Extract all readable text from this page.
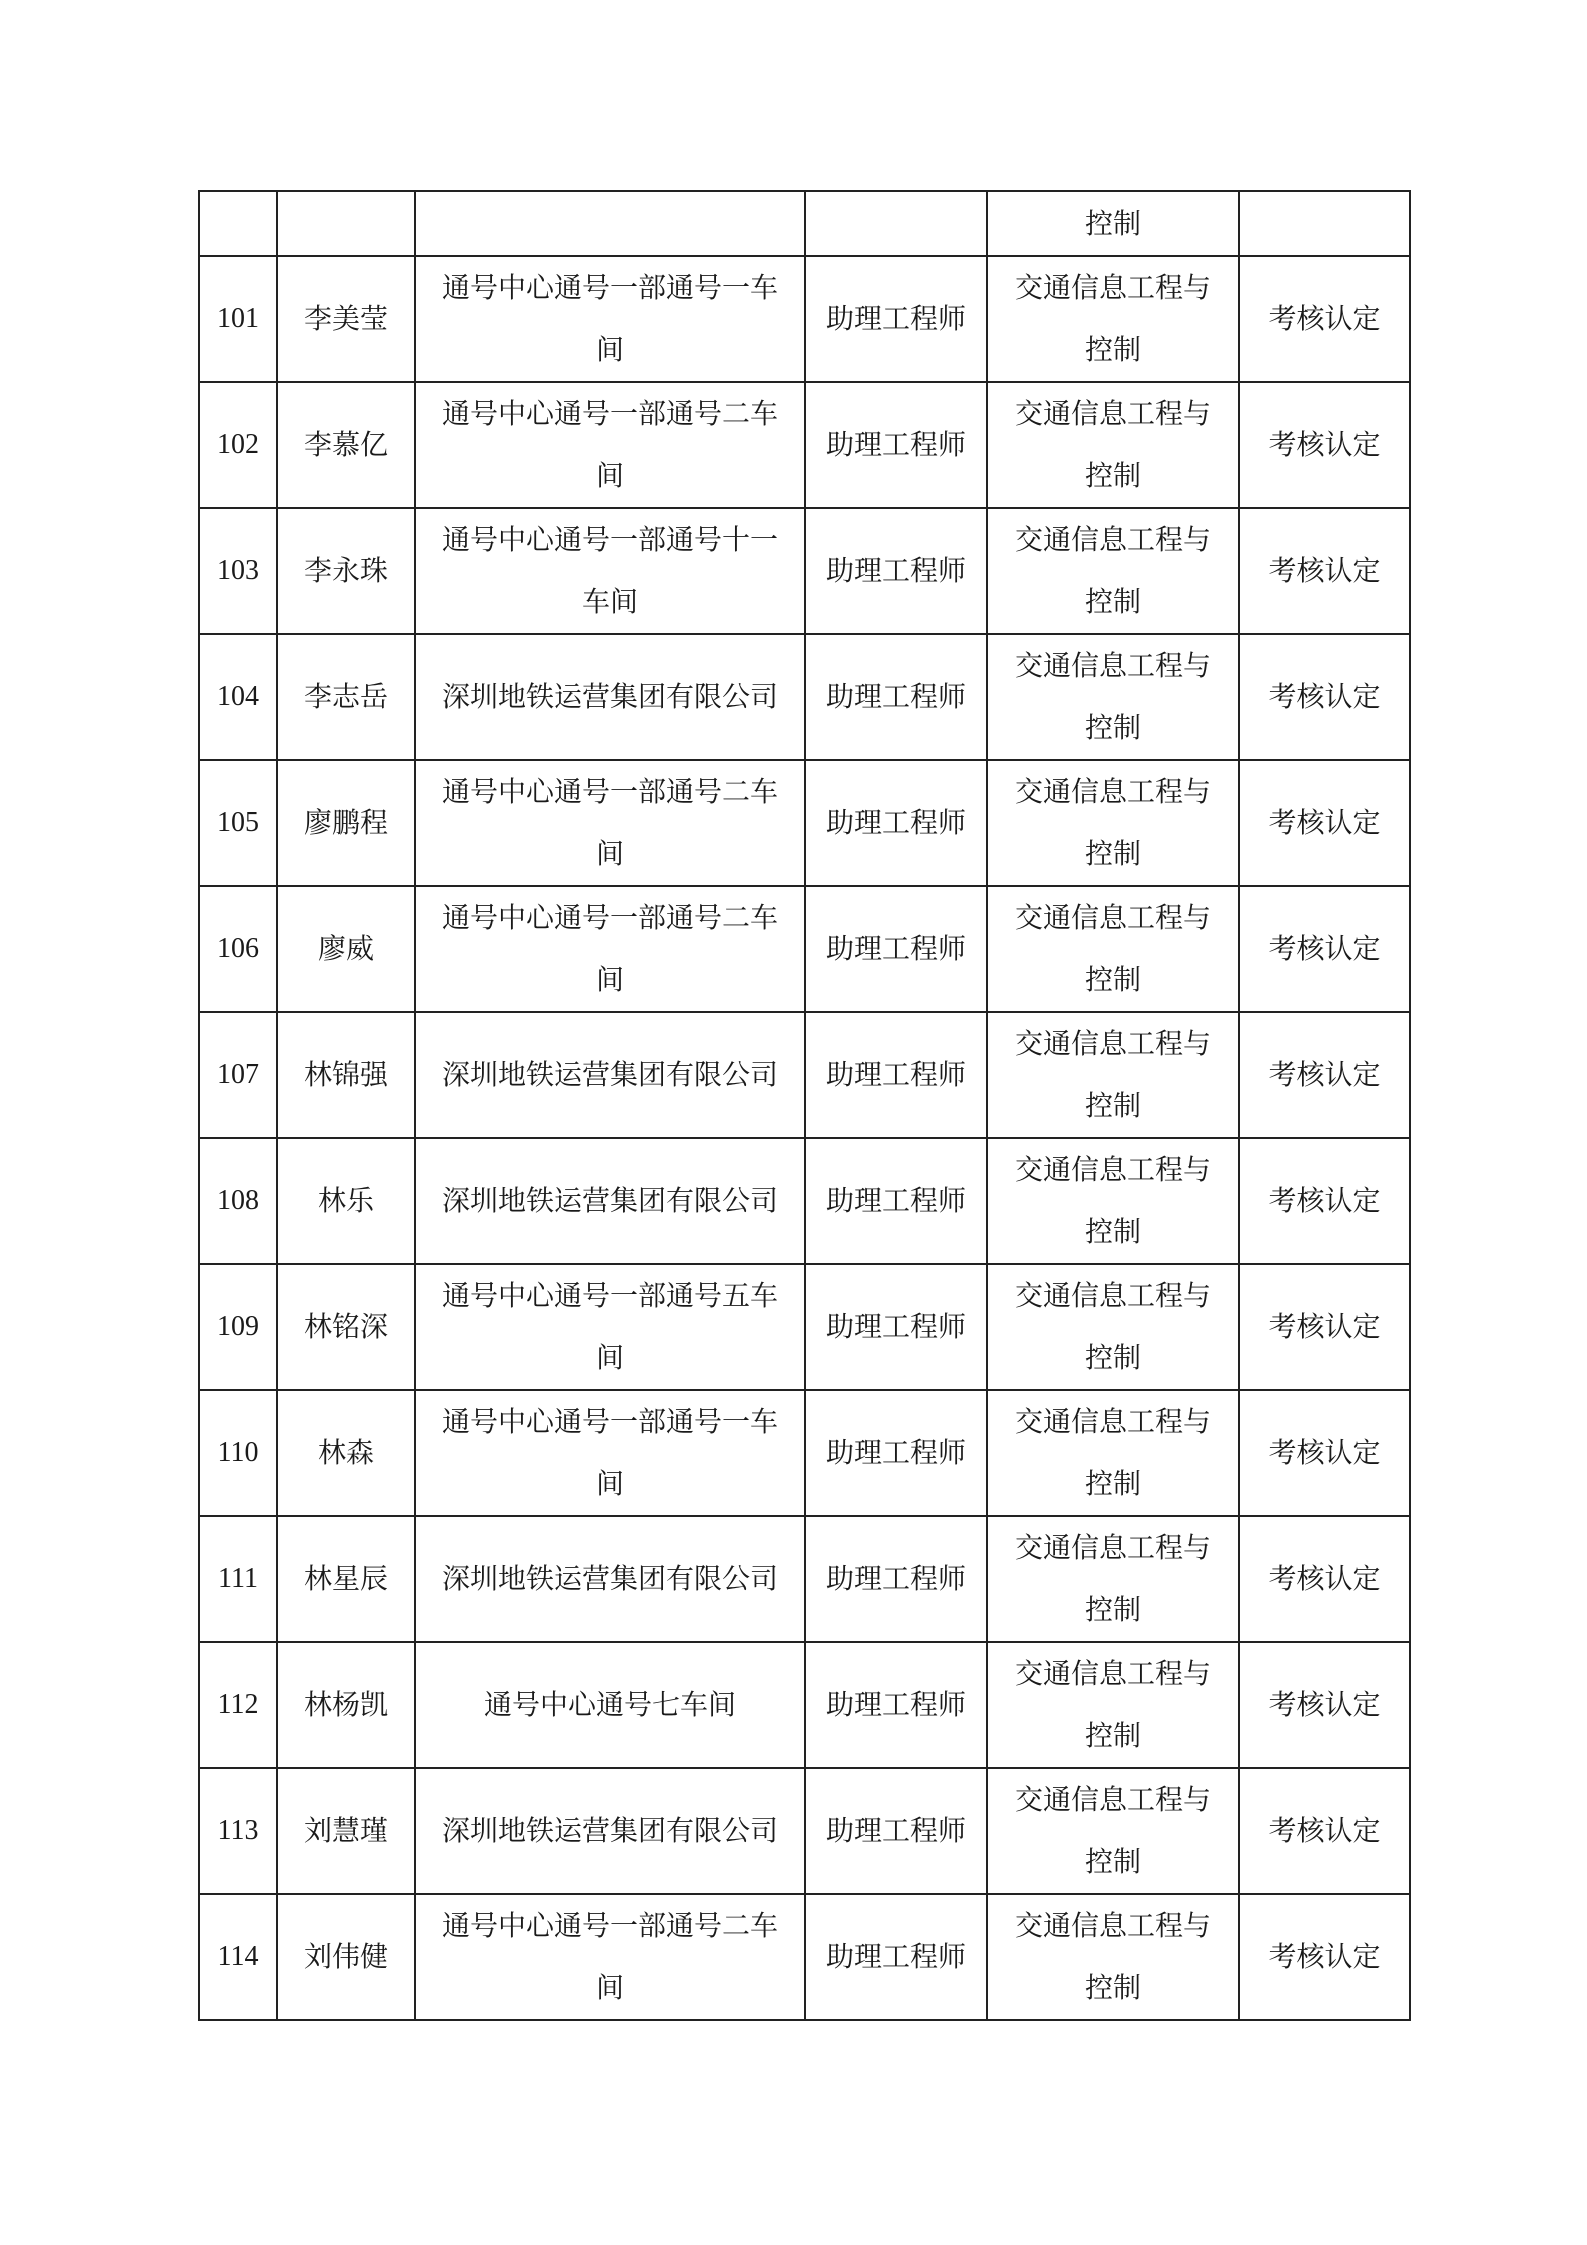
				控制	
101	李美莹	通号中心通号一部通号一车间	助理工程师	交通信息工程与控制	考核认定
102	李慕亿	通号中心通号一部通号二车间	助理工程师	交通信息工程与控制	考核认定
103	李永珠	通号中心通号一部通号十一车间	助理工程师	交通信息工程与控制	考核认定
104	李志岳	深圳地铁运营集团有限公司	助理工程师	交通信息工程与控制	考核认定
105	廖鹏程	通号中心通号一部通号二车间	助理工程师	交通信息工程与控制	考核认定
106	廖威	通号中心通号一部通号二车间	助理工程师	交通信息工程与控制	考核认定
107	林锦强	深圳地铁运营集团有限公司	助理工程师	交通信息工程与控制	考核认定
108	林乐	深圳地铁运营集团有限公司	助理工程师	交通信息工程与控制	考核认定
109	林铭深	通号中心通号一部通号五车间	助理工程师	交通信息工程与控制	考核认定
110	林森	通号中心通号一部通号一车间	助理工程师	交通信息工程与控制	考核认定
111	林星辰	深圳地铁运营集团有限公司	助理工程师	交通信息工程与控制	考核认定
112	林杨凯	通号中心通号七车间	助理工程师	交通信息工程与控制	考核认定
113	刘慧瑾	深圳地铁运营集团有限公司	助理工程师	交通信息工程与控制	考核认定
114	刘伟健	通号中心通号一部通号二车间	助理工程师	交通信息工程与控制	考核认定
